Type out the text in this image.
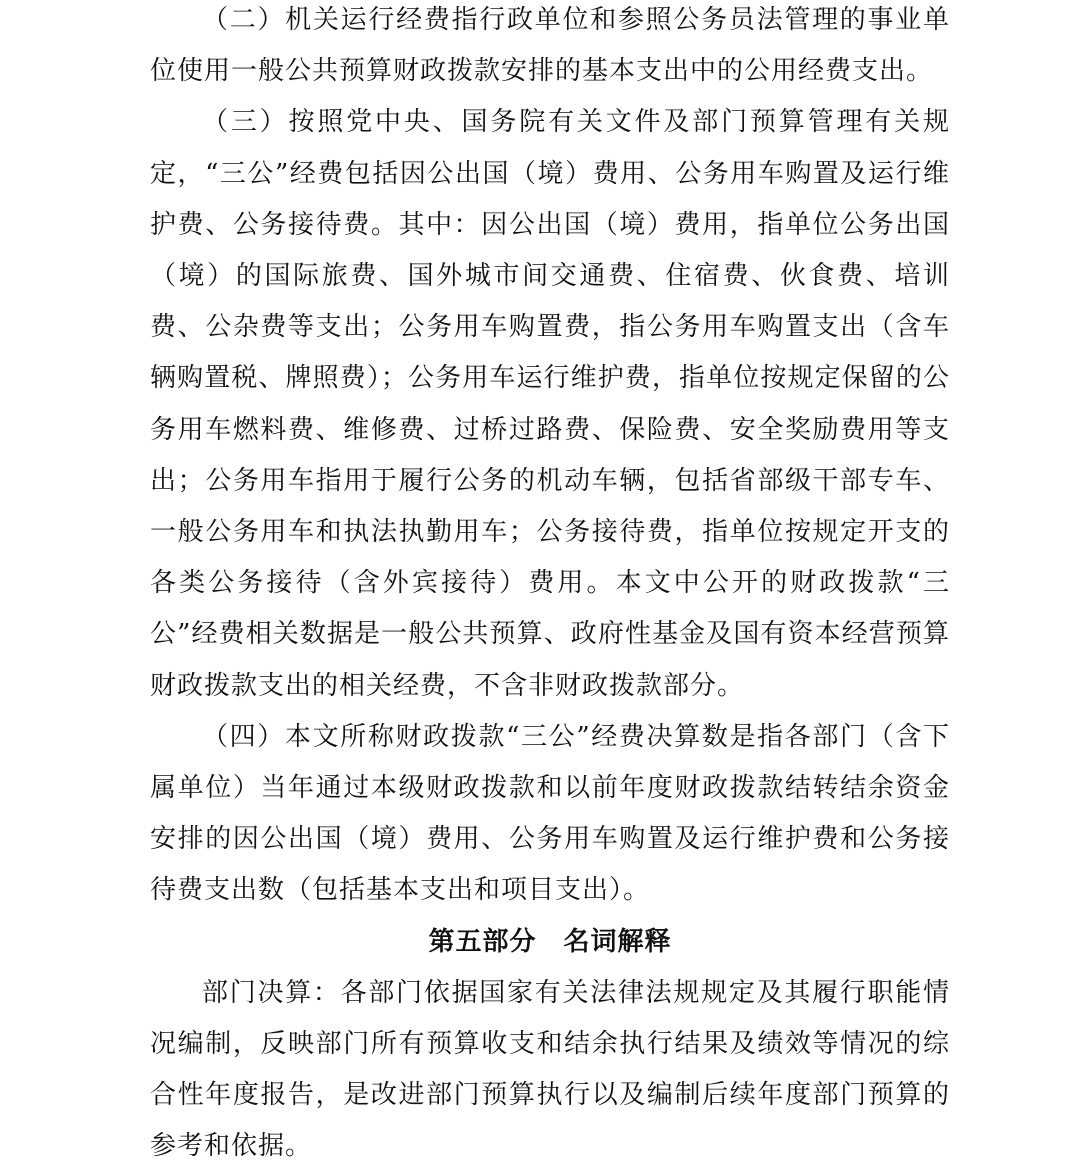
（二）机关运行经费指行政单位和参照公务员法管理的事业单位使用一般公共预算财政拨款安排的基本支出中的公用经费支出。

（三）按照党中央、国务院有关文件及部门预算管理有关规定，“三公”经费包括因公出国（境）费用、公务用车购置及运行维护费、公务接待费。其中：因公出国（境）费用，指单位公务出国（境）的国际旅费、国外城市间交通费、住宿费、伙食费、培训费、公杂费等支出；公务用车购置费，指公务用车购置支出（含车辆购置税、牌照费）；公务用车运行维护费，指单位按规定保留的公务用车燃料费、维修费、过桥过路费、保险费、安全奖励费用等支出；公务用车指用于履行公务的机动车辆，包括省部级干部专车、一般公务用车和执法执勤用车；公务接待费，指单位按规定开支的各类公务接待（含外宾接待）费用。本文中公开的财政拨款“三公”经费相关数据是一般公共预算、政府性基金及国有资本经营预算财政拨款支出的相关经费，不含非财政拨款部分。

（四）本文所称财政拨款“三公”经费决算数是指各部门（含下属单位）当年通过本级财政拨款和以前年度财政拨款结转结余资金安排的因公出国（境）费用、公务用车购置及运行维护费和公务接待费支出数（包括基本支出和项目支出）。

第五部分　名词解释

部门决算：各部门依据国家有关法律法规规定及其履行职能情况编制，反映部门所有预算收支和结余执行结果及绩效等情况的综合性年度报告，是改进部门预算执行以及编制后续年度部门预算的参考和依据。
